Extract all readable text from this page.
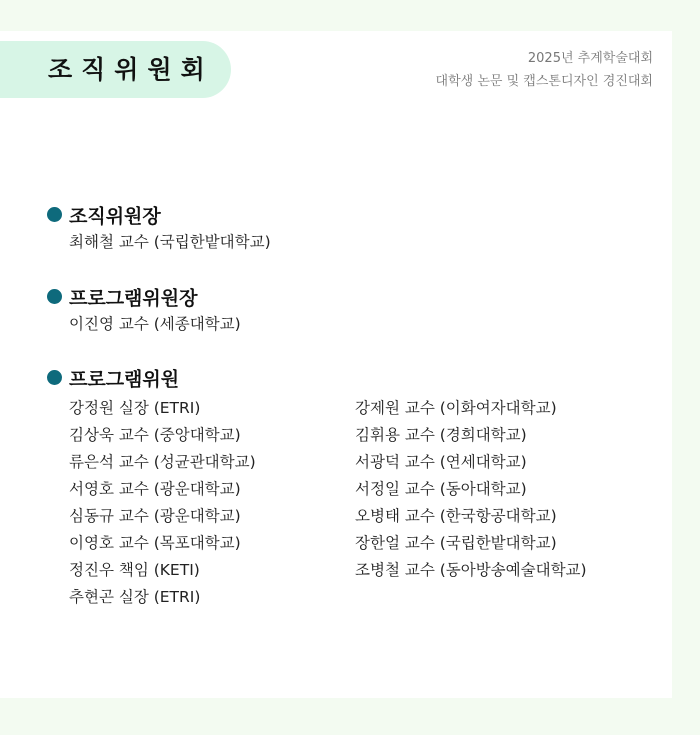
조직위원회	2025년 추계학술대회
대학생 논문 및 캡스톤디자인 경진대회
조직위원장
최해철 교수 (국립한밭대학교)
프로그램위원장
이진영 교수 (세종대학교)
프로그램위원
강정원 실장 (ETRI)
김상욱 교수 (중앙대학교)
류은석 교수 (성균관대학교)
서영호 교수 (광운대학교)
심동규 교수 (광운대학교)
이영호 교수 (목포대학교)
정진우 책임 (KETI)
추현곤 실장 (ETRI)
강제원 교수 (이화여자대학교)
김휘용 교수 (경희대학교)
서광덕 교수 (연세대학교)
서정일 교수 (동아대학교)
오병태 교수 (한국항공대학교)
장한얼 교수 (국립한밭대학교)
조병철 교수 (동아방송예술대학교)
